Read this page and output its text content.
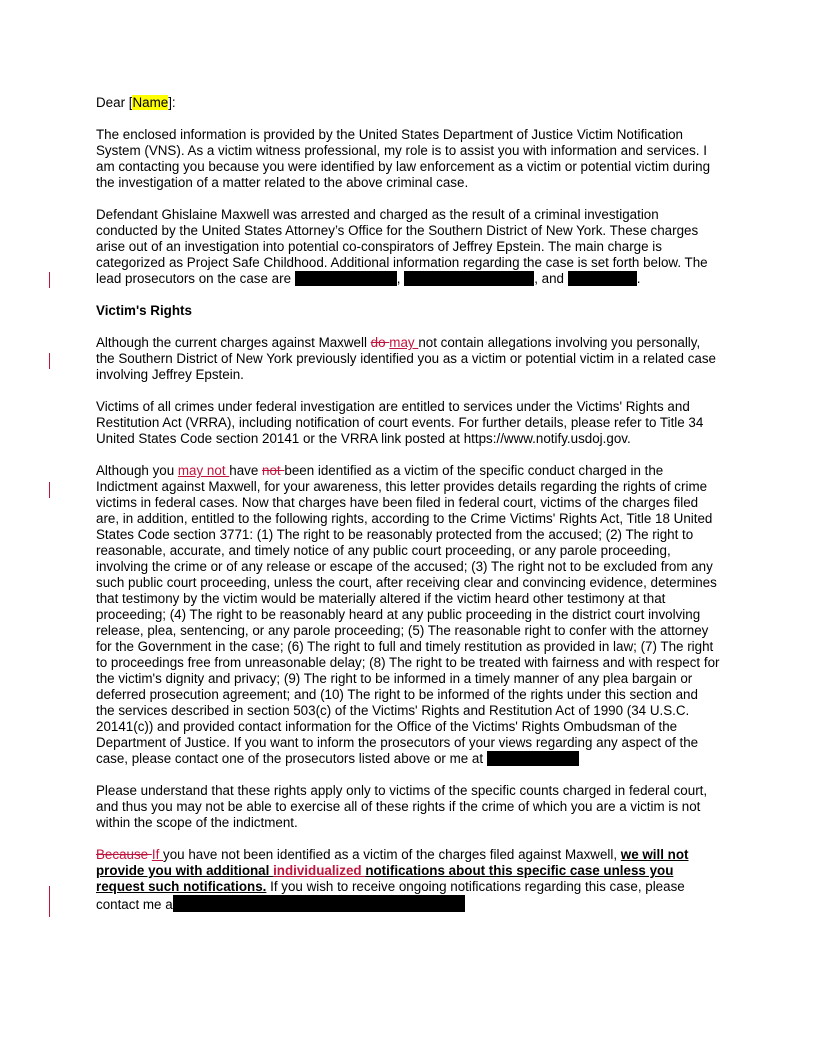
Dear [Name]:

The enclosed information is provided by the United States Department of Justice Victim Notification System (VNS). As a victim witness professional, my role is to assist you with information and services. I am contacting you because you were identified by law enforcement as a victim or potential victim during the investigation of a matter related to the above criminal case.

Defendant Ghislaine Maxwell was arrested and charged as the result of a criminal investigation conducted by the United States Attorney’s Office for the Southern District of New York. These charges arise out of an investigation into potential co-conspirators of Jeffrey Epstein. The main charge is categorized as Project Safe Childhood. Additional information regarding the case is set forth below. The lead prosecutors on the case are	,	, and	.

Victim's Rights

Although the current charges against Maxwell do may not contain allegations involving you personally, the Southern District of New York previously identified you as a victim or potential victim in a related case involving Jeffrey Epstein.

Victims of all crimes under federal investigation are entitled to services under the Victims' Rights and Restitution Act (VRRA), including notification of court events. For further details, please refer to Title 34 United States Code section 20141 or the VRRA link posted at https://www.notify.usdoj.gov.

Although you may not have not been identified as a victim of the specific conduct charged in the Indictment against Maxwell, for your awareness, this letter provides details regarding the rights of crime victims in federal cases. Now that charges have been filed in federal court, victims of the charges filed are, in addition, entitled to the following rights, according to the Crime Victims' Rights Act, Title 18 United States Code section 3771: (1) The right to be reasonably protected from the accused; (2) The right to reasonable, accurate, and timely notice of any public court proceeding, or any parole proceeding, involving the crime or of any release or escape of the accused; (3) The right not to be excluded from any such public court proceeding, unless the court, after receiving clear and convincing evidence, determines that testimony by the victim would be materially altered if the victim heard other testimony at that proceeding; (4) The right to be reasonably heard at any public proceeding in the district court involving release, plea, sentencing, or any parole proceeding; (5) The reasonable right to confer with the attorney for the Government in the case; (6) The right to full and timely restitution as provided in law; (7) The right to proceedings free from unreasonable delay; (8) The right to be treated with fairness and with respect for the victim's dignity and privacy; (9) The right to be informed in a timely manner of any plea bargain or deferred prosecution agreement; and (10) The right to be informed of the rights under this section and the services described in section 503(c) of the Victims' Rights and Restitution Act of 1990 (34 U.S.C. 20141(c)) and provided contact information for the Office of the Victims' Rights Ombudsman of the Department of Justice. If you want to inform the prosecutors of your views regarding any aspect of the case, please contact one of the prosecutors listed above or me at

Please understand that these rights apply only to victims of the specific counts charged in federal court, and thus you may not be able to exercise all of these rights if the crime of which you are a victim is not within the scope of the indictment.

Because If you have not been identified as a victim of the charges filed against Maxwell, we will not provide you with additional individualized notifications about this specific case unless you request such notifications. If you wish to receive ongoing notifications regarding this case, please contact me a
